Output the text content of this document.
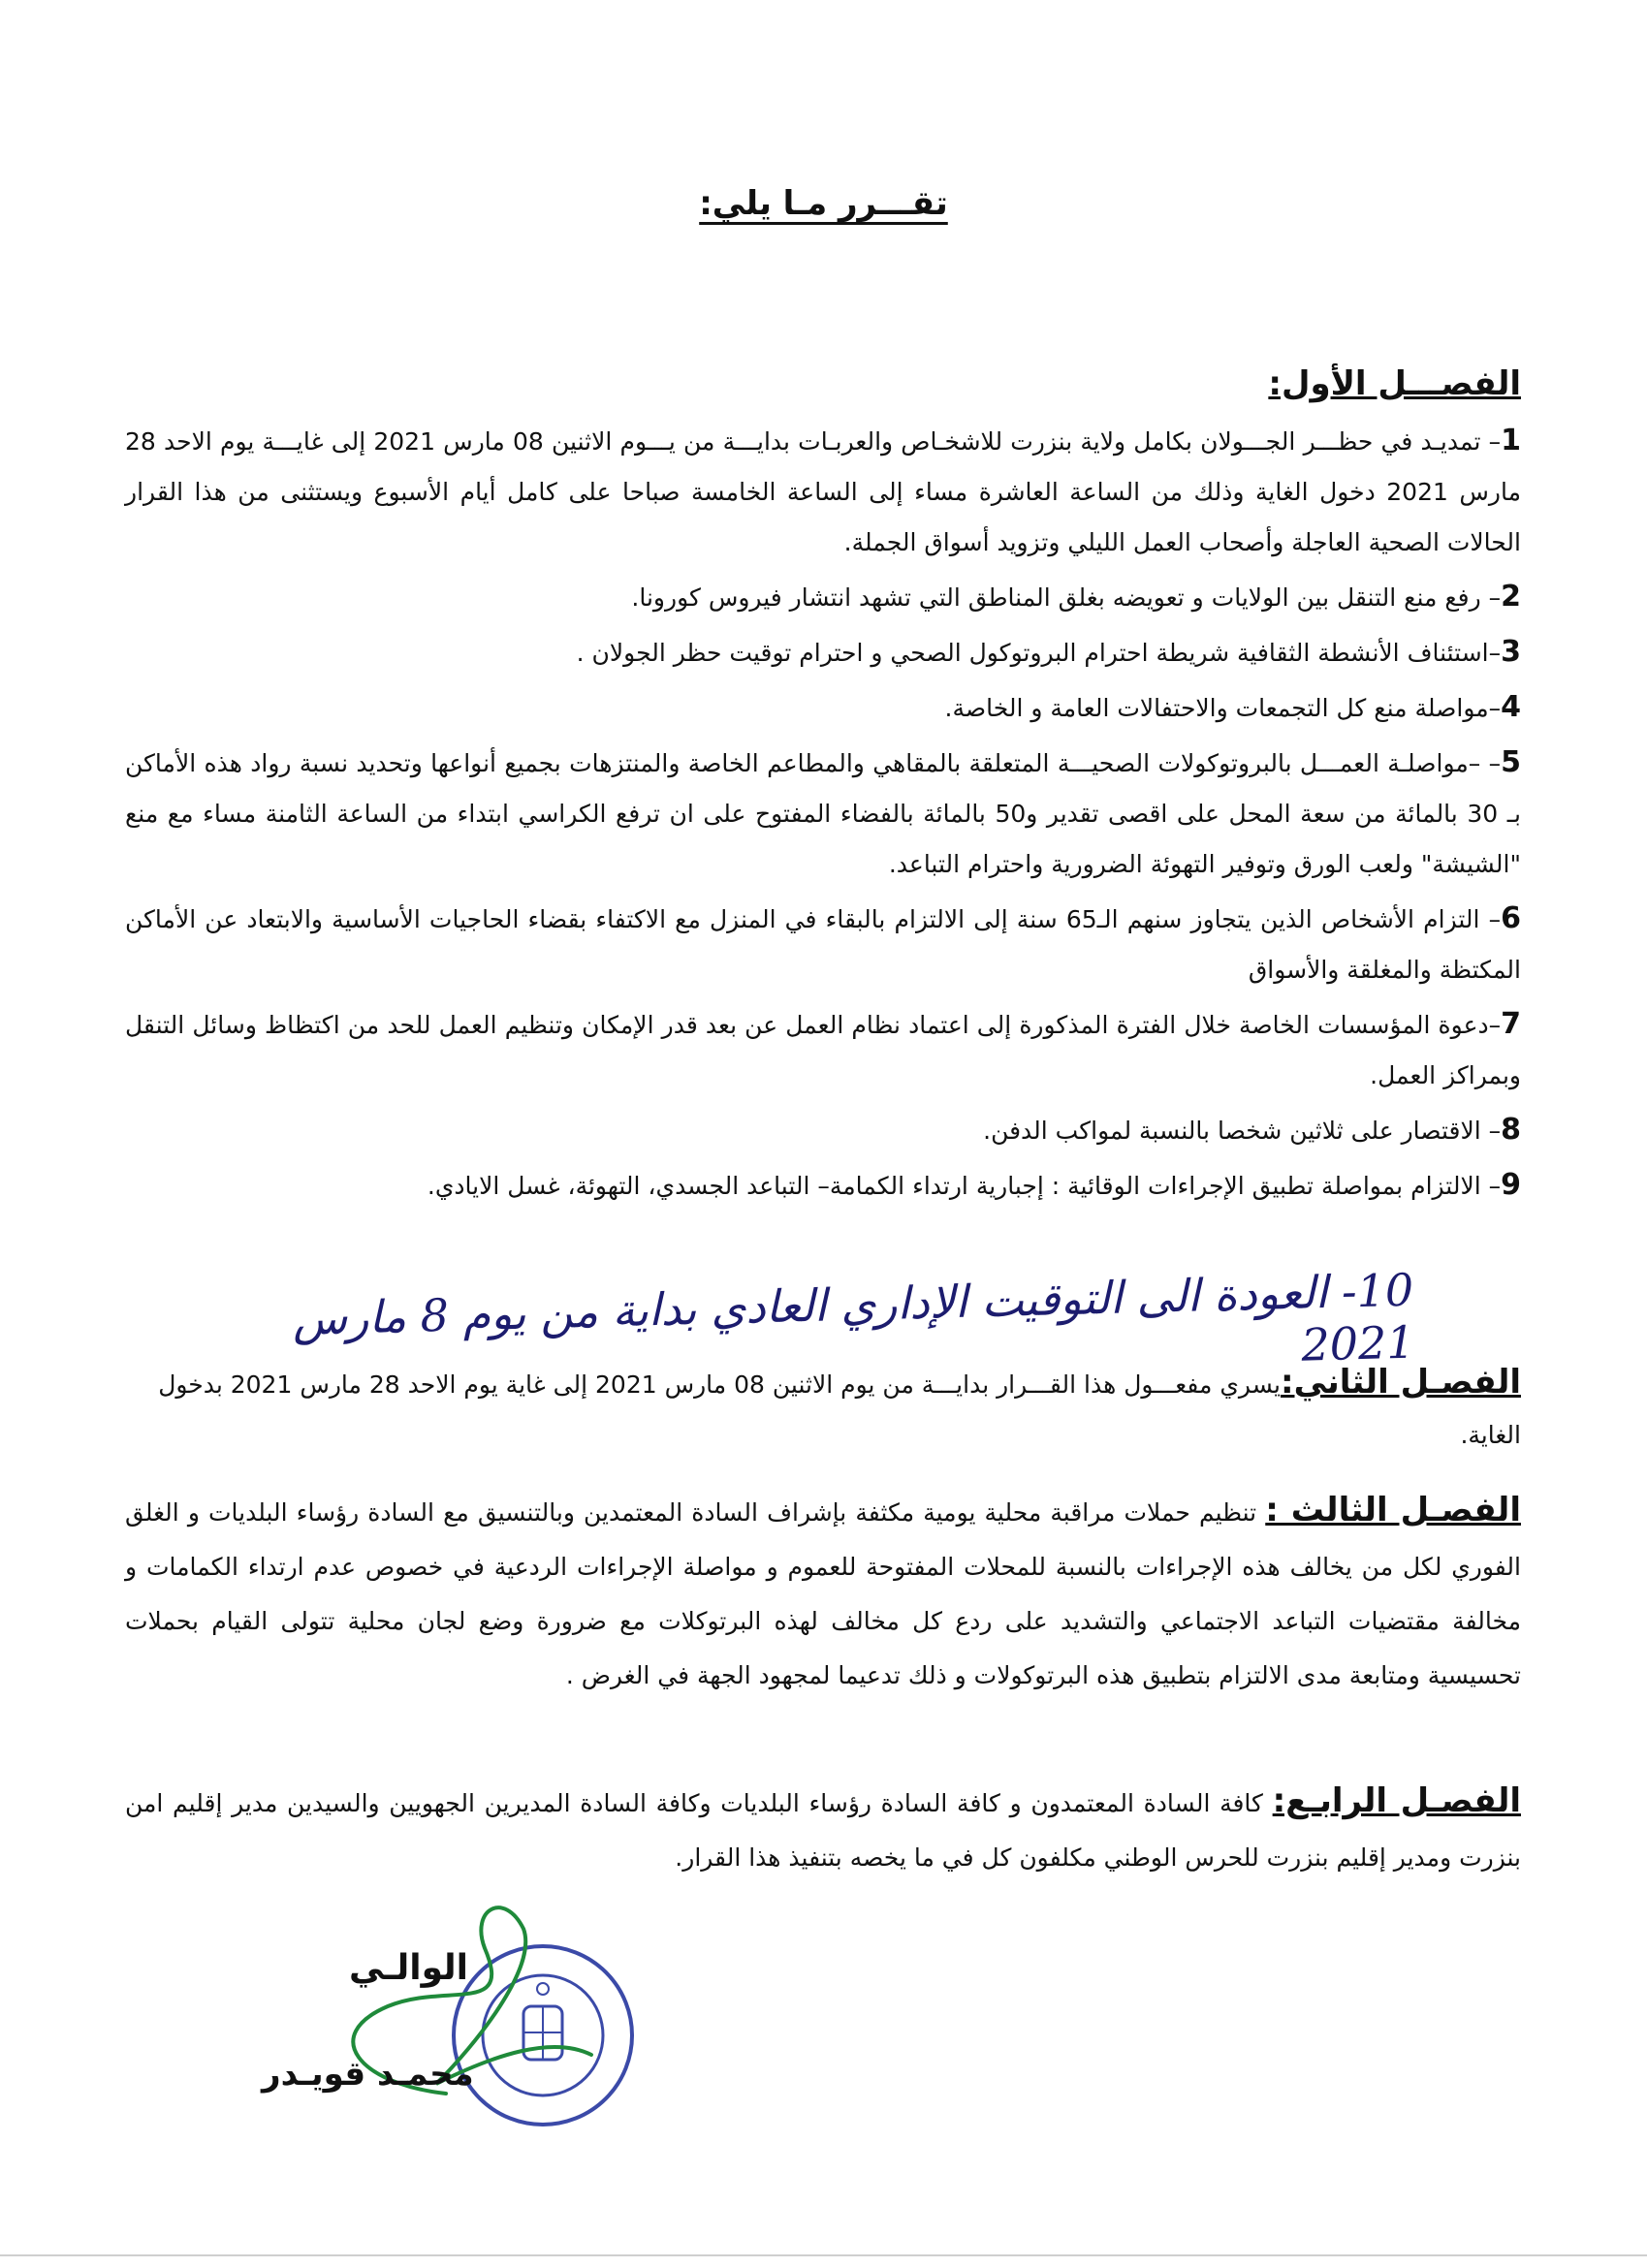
تقـــرر مـا يلي:

الفصـــل الأول:

1– تمديـد في حظـــر الجـــولان بكامل ولاية بنزرت للاشخـاص والعربـات بدايـــة من يـــوم الاثنين 08 مارس 2021 إلى غايـــة يوم الاحد 28 مارس 2021 دخول الغاية وذلك من الساعة العاشرة مساء إلى الساعة الخامسة صباحا على كامل أيام الأسبوع ويستثنى من هذا القرار الحالات الصحية العاجلة وأصحاب العمل الليلي وتزويد أسواق الجملة.

2– رفع منع التنقل بين الولايات و تعويضه بغلق المناطق التي تشهد انتشار فيروس كورونا.

3–استئناف الأنشطة الثقافية شريطة احترام البروتوكول الصحي و احترام توقيت حظر الجولان .

4–مواصلة منع كل التجمعات والاحتفالات العامة و الخاصة.

5– –مواصلـة العمـــل بالبروتوكولات الصحيـــة المتعلقة بالمقاهي والمطاعم الخاصة والمنتزهات بجميع أنواعها وتحديد نسبة رواد هذه الأماكن بـ 30 بالمائة من سعة المحل على اقصى تقدير و50 بالمائة بالفضاء المفتوح على ان ترفع الكراسي ابتداء من الساعة الثامنة مساء مع منع "الشيشة" ولعب الورق وتوفير التهوئة الضرورية واحترام التباعد.

6– التزام الأشخاص الذين يتجاوز سنهم الـ65 سنة إلى الالتزام بالبقاء في المنزل مع الاكتفاء بقضاء الحاجيات الأساسية والابتعاد عن الأماكن المكتظة والمغلقة والأسواق

7–دعوة المؤسسات الخاصة خلال الفترة المذكورة إلى اعتماد نظام العمل عن بعد قدر الإمكان وتنظيم العمل للحد من اكتظاظ وسائل التنقل وبمراكز العمل.

8– الاقتصار على ثلاثين شخصا بالنسبة لمواكب الدفن.

9– الالتزام بمواصلة تطبيق الإجراءات الوقائية : إجبارية ارتداء الكمامة– التباعد الجسدي، التهوئة، غسل الايادي.

10- العودة الى التوقيت الإداري العادي بداية من يوم 8 مارس 2021
الفصـل الثاني:يسري مفعـــول هذا القـــرار بدايـــة من يوم الاثنين 08 مارس 2021 إلى غاية يوم الاحد 28 مارس 2021 بدخول الغاية.
الفصـل الثالث : تنظيم حملات مراقبة محلية يومية مكثفة بإشراف السادة المعتمدين وبالتنسيق مع السادة رؤساء البلديات و الغلق الفوري لكل من يخالف هذه الإجراءات بالنسبة للمحلات المفتوحة للعموم و مواصلة الإجراءات الردعية في خصوص عدم ارتداء الكمامات و مخالفة مقتضيات التباعد الاجتماعي والتشديد على ردع كل مخالف لهذه البرتوكلات مع ضرورة وضع لجان محلية تتولى القيام بحملات تحسيسية ومتابعة مدى الالتزام بتطبيق هذه البرتوكولات و ذلك تدعيما لمجهود الجهة في الغرض .
الفصـل الرابـع: كافة السادة المعتمدون و كافة السادة رؤساء البلديات وكافة السادة المديرين الجهويين والسيدين مدير إقليم امن بنزرت ومدير إقليم بنزرت للحرس الوطني مكلفون كل في ما يخصه بتنفيذ هذا القرار.
الوالـي
محمـد قويـدر
